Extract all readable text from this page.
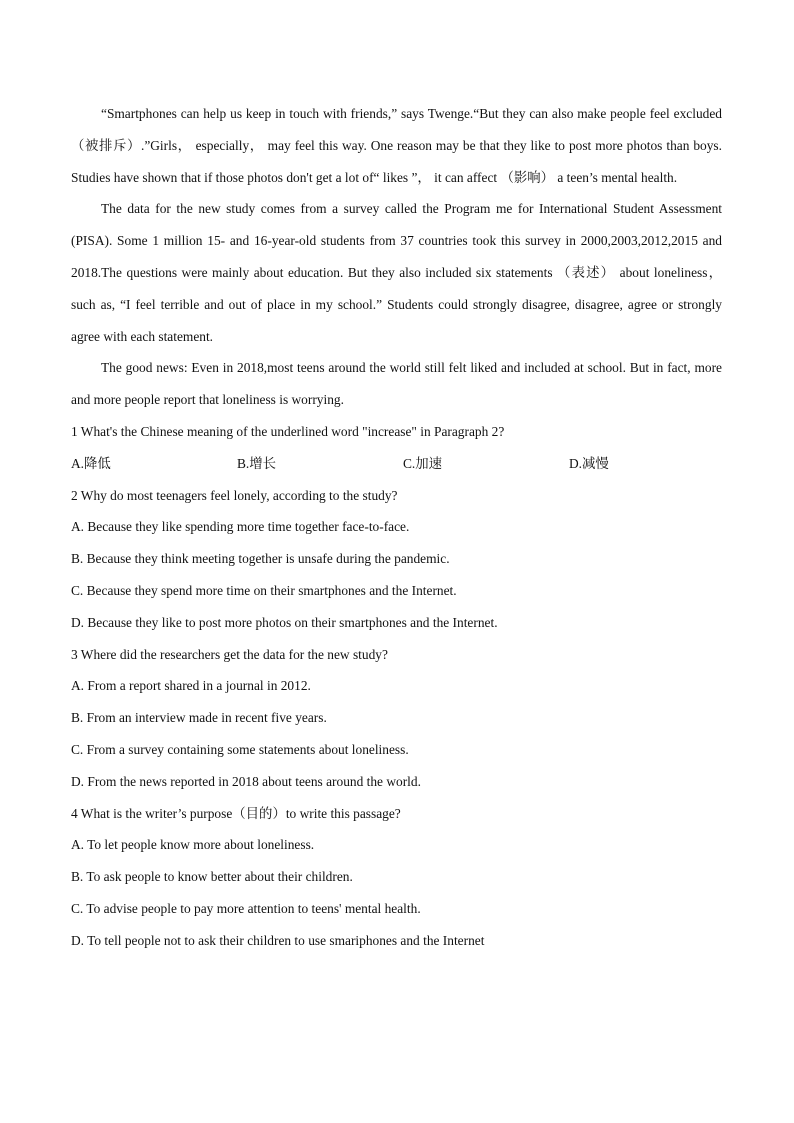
“Smartphones can help us keep in touch with friends,” says Twenge.“But they can also make people feel excluded（被排斥）.”Girls， especially， may feel this way. One reason may be that they like to post more photos than boys. Studies have shown that if those photos don't get a lot of“ likes ”， it can affect （影响） a teen’s mental health.

The data for the new study comes from a survey called the Program me for International Student Assessment (PISA). Some 1 million 15- and 16-year-old students from 37 countries took this survey in 2000,2003,2012,2015 and 2018.The questions were mainly about education. But they also included six statements （表述） about loneliness， such as, “I feel terrible and out of place in my school.” Students could strongly disagree, disagree, agree or strongly agree with each statement.

The good news: Even in 2018,most teens around the world still felt liked and included at school. But in fact, more and more people report that loneliness is worrying.

1 What's the Chinese meaning of the underlined word "increase" in Paragraph 2?

A.降低	B.增长	C.加速	D.减慢

2 Why do most teenagers feel lonely, according to the study?

A. Because they like spending more time together face-to-face.

B. Because they think meeting together is unsafe during the pandemic.

C. Because they spend more time on their smartphones and the Internet.

D. Because they like to post more photos on their smartphones and the Internet.

3 Where did the researchers get the data for the new study?

A. From a report shared in a journal in 2012.

B. From an interview made in recent five years.

C. From a survey containing some statements about loneliness.

D. From the news reported in 2018 about teens around the world.

4 What is the writer’s purpose（目的）to write this passage?

A. To let people know more about loneliness.

B. To ask people to know better about their children.

C. To advise people to pay more attention to teens' mental health.

D. To tell people not to ask their children to use smariphones and the Internet
